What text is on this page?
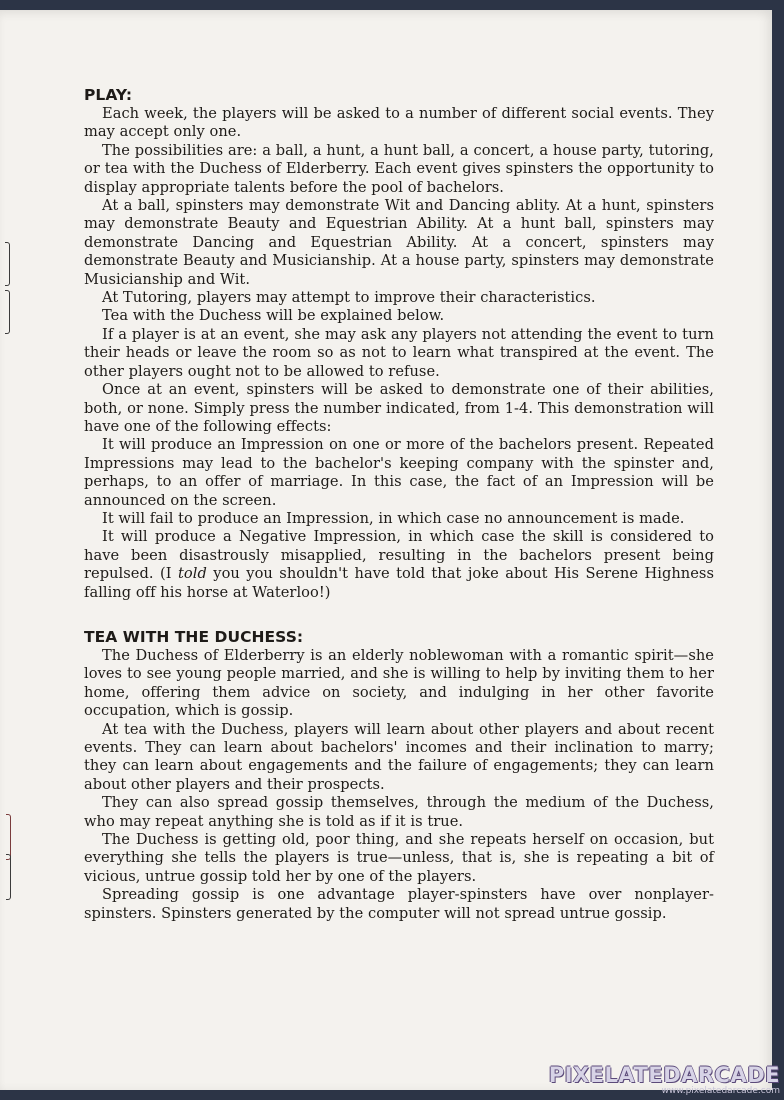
PLAY:

Each week, the players will be asked to a number of different social events. They may accept only one.

The possibilities are: a ball, a hunt, a hunt ball, a concert, a house party, tutoring, or tea with the Duchess of Elderberry. Each event gives spinsters the opportunity to display appropriate talents before the pool of bachelors.

At a ball, spinsters may demonstrate Wit and Dancing ablity. At a hunt, spinsters may demonstrate Beauty and Equestrian Ability. At a hunt ball, spinsters may demonstrate Dancing and Equestrian Ability. At a concert, spinsters may demonstrate Beauty and Musicianship. At a house party, spinsters may demonstrate Musicianship and Wit.

At Tutoring, players may attempt to improve their characteristics.

Tea with the Duchess will be explained below.

If a player is at an event, she may ask any players not attending the event to turn their heads or leave the room so as not to learn what transpired at the event. The other players ought not to be allowed to refuse.

Once at an event, spinsters will be asked to demonstrate one of their abilities, both, or none. Simply press the number indicated, from 1-4. This demonstration will have one of the following effects:

It will produce an Impression on one or more of the bachelors present. Repeated Impressions may lead to the bachelor's keeping company with the spinster and, perhaps, to an offer of marriage. In this case, the fact of an Impression will be announced on the screen.

It will fail to produce an Impression, in which case no announcement is made.

It will produce a Negative Impression, in which case the skill is considered to have been disastrously misapplied, resulting in the bachelors present being repulsed. (I told you you shouldn't have told that joke about His Serene Highness falling off his horse at Waterloo!)

TEA WITH THE DUCHESS:

The Duchess of Elderberry is an elderly noblewoman with a romantic spirit—she loves to see young people married, and she is willing to help by inviting them to her home, offering them advice on society, and indulging in her other favorite occupation, which is gossip.

At tea with the Duchess, players will learn about other players and about recent events. They can learn about bachelors' incomes and their inclination to marry; they can learn about engagements and the failure of engagements; they can learn about other players and their prospects.

They can also spread gossip themselves, through the medium of the Duchess, who may repeat anything she is told as if it is true.

The Duchess is getting old, poor thing, and she repeats herself on occasion, but everything she tells the players is true—unless, that is, she is repeating a bit of vicious, untrue gossip told her by one of the players.

Spreading gossip is one advantage player-spinsters have over nonplayer-spinsters. Spinsters generated by the computer will not spread untrue gossip.

PIXELATEDARCADE
www.pixelatedarcade.com
